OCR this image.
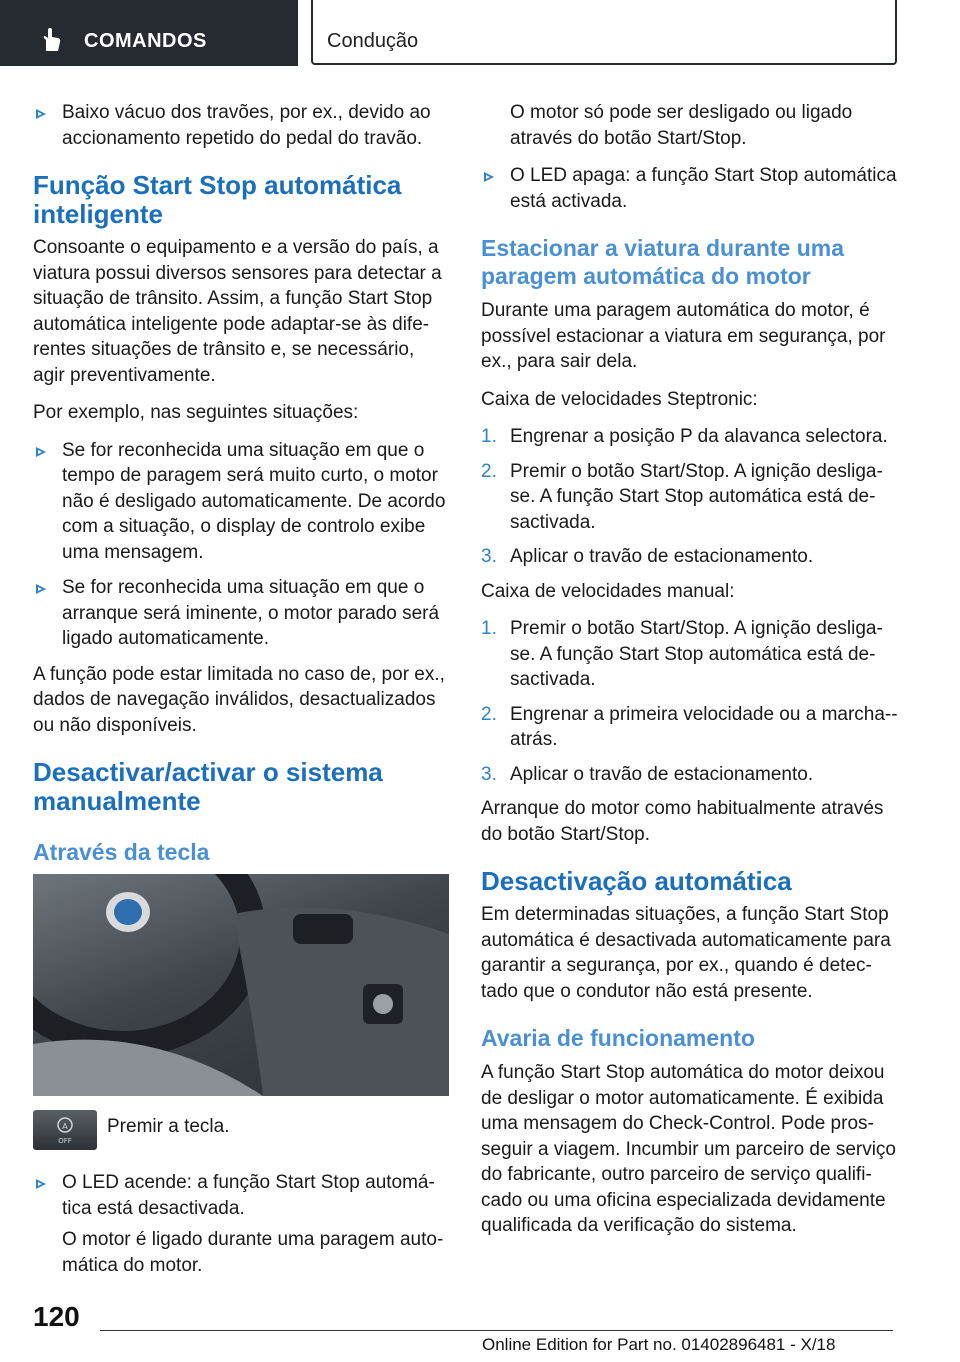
COMANDOS	Condução

Baixo vácuo dos travões, por ex., devido ao accionamento repetido do pedal do travão.

Função Start Stop automática inteligente

Consoante o equipamento e a versão do país, a viatura possui diversos sensores para detectar a situação de trânsito. Assim, a função Start Stop automática inteligente pode adaptar-se às diferentes situações de trânsito e, se necessário, agir preventivamente.

Por exemplo, nas seguintes situações:

Se for reconhecida uma situação em que o tempo de paragem será muito curto, o motor não é desligado automaticamente. De acordo com a situação, o display de controlo exibe uma mensagem.

Se for reconhecida uma situação em que o arranque será iminente, o motor parado será ligado automaticamente.

A função pode estar limitada no caso de, por ex., dados de navegação inválidos, desactualizados ou não disponíveis.

Desactivar/activar o sistema manualmente
Através da tecla
A
OFF
Premir a tecla.

O LED acende: a função Start Stop automática está desactivada.

O motor é ligado durante uma paragem automática do motor.

O motor só pode ser desligado ou ligado através do botão Start/Stop.

O LED apaga: a função Start Stop automática está activada.

Estacionar a viatura durante uma paragem automática do motor

Durante uma paragem automática do motor, é possível estacionar a viatura em segurança, por ex., para sair dela.

Caixa de velocidades Steptronic:

1. Engrenar a posição P da alavanca selectora.

2. Premir o botão Start/Stop. A ignição desliga-se. A função Start Stop automática está desactivada.

3. Aplicar o travão de estacionamento.

Caixa de velocidades manual:

1. Premir o botão Start/Stop. A ignição desliga-se. A função Start Stop automática está desactivada.

2. Engrenar a primeira velocidade ou a marcha-atrás.

3. Aplicar o travão de estacionamento.

Arranque do motor como habitualmente através do botão Start/Stop.

Desactivação automática

Em determinadas situações, a função Start Stop automática é desactivada automaticamente para garantir a segurança, por ex., quando é detectado que o condutor não está presente.

Avaria de funcionamento

A função Start Stop automática do motor deixou de desligar o motor automaticamente. É exibida uma mensagem do Check-Control. Pode prosseguir a viagem. Incumbir um parceiro de serviço do fabricante, outro parceiro de serviço qualificado ou uma oficina especializada devidamente qualificada da verificação do sistema.

120
Online Edition for Part no. 01402896481 - X/18
